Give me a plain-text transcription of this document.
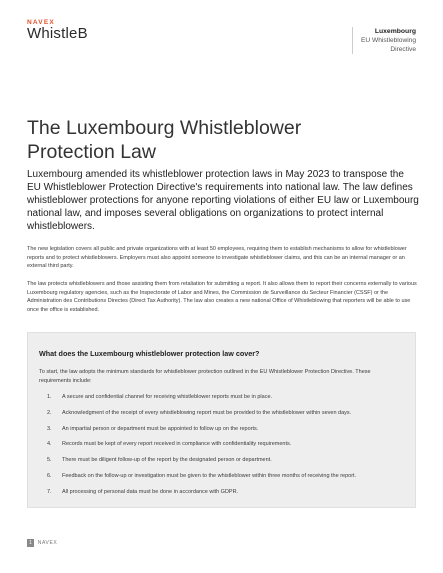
NAVEX
WhistleB	Luxembourg
EU Whistleblowing
Directive
The Luxembourg Whistleblower
Protection Law

Luxembourg amended its whistleblower protection laws in May 2023 to transpose the EU Whistleblower Protection Directive's requirements into national law. The law defines whistleblower protections for anyone reporting violations of either EU law or Luxembourg national law, and imposes several obligations on organizations to protect internal whistleblowers.

The new legislation covers all public and private organizations with at least 50 employees, requiring them to establish mechanisms to allow for whistleblower reports and to protect whistleblowers. Employers must also appoint someone to investigate whistleblower claims, and this can be an internal manager or an external third party.

The law protects whistleblowers and those assisting them from retaliation for submitting a report. It also allows them to report their concerns externally to various Luxembourg regulatory agencies, such as the Inspectorate of Labor and Mines, the Commission de Surveillance du Secteur Financier (CSSF) or the Administration des Contributions Directes (Direct Tax Authority). The law also creates a new national Office of Whistleblowing that reporters will be able to use once the office is established.

What does the Luxembourg whistleblower protection law cover?
To start, the law adopts the minimum standards for whistleblower protection outlined in the EU Whistleblower Protection Directive. These requirements include:
1.	A secure and confidential channel for receiving whistleblower reports must be in place.
2.	Acknowledgment of the receipt of every whistleblowing report must be provided to the whistleblower within seven days.
3.	An impartial person or department must be appointed to follow up on the reports.
4.	Records must be kept of every report received in compliance with confidentiality requirements.
5.	There must be diligent follow-up of the report by the designated person or department.
6.	Feedback on the follow-up or investigation must be given to the whistleblower within three months of receiving the report.
7.	All processing of personal data must be done in accordance with GDPR.
1	NAVEX
